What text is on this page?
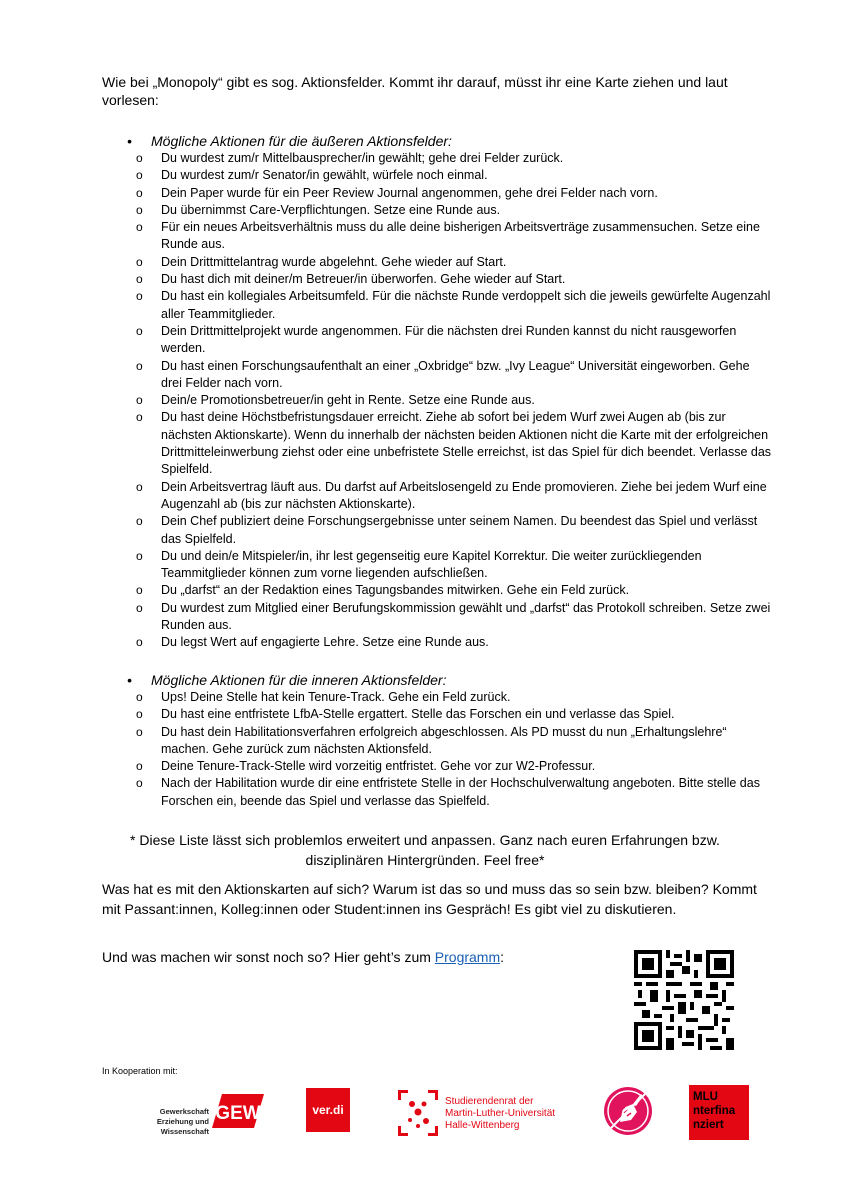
Wie bei „Monopoly“ gibt es sog. Aktionsfelder. Kommt ihr darauf, müsst ihr eine Karte ziehen und laut vorlesen:
• Mögliche Aktionen für die äußeren Aktionsfelder:
o Du wurdest zum/r Mittelbausprecher/in gewählt; gehe drei Felder zurück.
o Du wurdest zum/r Senator/in gewählt, würfele noch einmal.
o Dein Paper wurde für ein Peer Review Journal angenommen, gehe drei Felder nach vorn.
o Du übernimmst Care-Verpflichtungen. Setze eine Runde aus.
o Für ein neues Arbeitsverhältnis muss du alle deine bisherigen Arbeitsverträge zusammensuchen. Setze eine Runde aus.
o Dein Drittmittelantrag wurde abgelehnt. Gehe wieder auf Start.
o Du hast dich mit deiner/m Betreuer/in überworfen. Gehe wieder auf Start.
o Du hast ein kollegiales Arbeitsumfeld. Für die nächste Runde verdoppelt sich die jeweils gewürfelte Augenzahl aller Teammitglieder.
o Dein Drittmittelprojekt wurde angenommen. Für die nächsten drei Runden kannst du nicht rausgeworfen werden.
o Du hast einen Forschungsaufenthalt an einer „Oxbridge“ bzw. „Ivy League“ Universität eingeworben. Gehe drei Felder nach vorn.
o Dein/e Promotionsbetreuer/in geht in Rente. Setze eine Runde aus.
o Du hast deine Höchstbefristungsdauer erreicht. Ziehe ab sofort bei jedem Wurf zwei Augen ab (bis zur nächsten Aktionskarte). Wenn du innerhalb der nächsten beiden Aktionen nicht die Karte mit der erfolgreichen Drittmitteleinwerbung ziehst oder eine unbefristete Stelle erreichst, ist das Spiel für dich beendet. Verlasse das Spielfeld.
o Dein Arbeitsvertrag läuft aus. Du darfst auf Arbeitslosengeld zu Ende promovieren. Ziehe bei jedem Wurf eine Augenzahl ab (bis zur nächsten Aktionskarte).
o Dein Chef publiziert deine Forschungsergebnisse unter seinem Namen. Du beendest das Spiel und verlässt das Spielfeld.
o Du und dein/e Mitspieler/in, ihr lest gegenseitig eure Kapitel Korrektur. Die weiter zurückliegenden Teammitglieder können zum vorne liegenden aufschließen.
o Du „darfst“ an der Redaktion eines Tagungsbandes mitwirken. Gehe ein Feld zurück.
o Du wurdest zum Mitglied einer Berufungskommission gewählt und „darfst“ das Protokoll schreiben. Setze zwei Runden aus.
o Du legst Wert auf engagierte Lehre. Setze eine Runde aus.
• Mögliche Aktionen für die inneren Aktionsfelder:
o Ups! Deine Stelle hat kein Tenure-Track. Gehe ein Feld zurück.
o Du hast eine entfristete LfbA-Stelle ergattert. Stelle das Forschen ein und verlasse das Spiel.
o Du hast dein Habilitationsverfahren erfolgreich abgeschlossen. Als PD musst du nun „Erhaltungslehre“ machen. Gehe zurück zum nächsten Aktionsfeld.
o Deine Tenure-Track-Stelle wird vorzeitig entfristet. Gehe vor zur W2-Professur.
o Nach der Habilitation wurde dir eine entfristete Stelle in der Hochschulverwaltung angeboten. Bitte stelle das Forschen ein, beende das Spiel und verlasse das Spielfeld.
* Diese Liste lässt sich problemlos erweitert und anpassen. Ganz nach euren Erfahrungen bzw.
disziplinären Hintergründen. Feel free*
Was hat es mit den Aktionskarten auf sich? Warum ist das so und muss das so sein bzw. bleiben? Kommt mit Passant:innen, Kolleg:innen oder Student:innen ins Gespräch! Es gibt viel zu diskutieren.
Und was machen wir sonst noch so? Hier geht’s zum Programm:
In Kooperation mit:
Gewerkschaft
Erziehung und Wissenschaft
GEW	ver.di
Studierendenrat der
Martin-Luther-Universität
Halle-Wittenberg
MLU
nterfina
nziert
